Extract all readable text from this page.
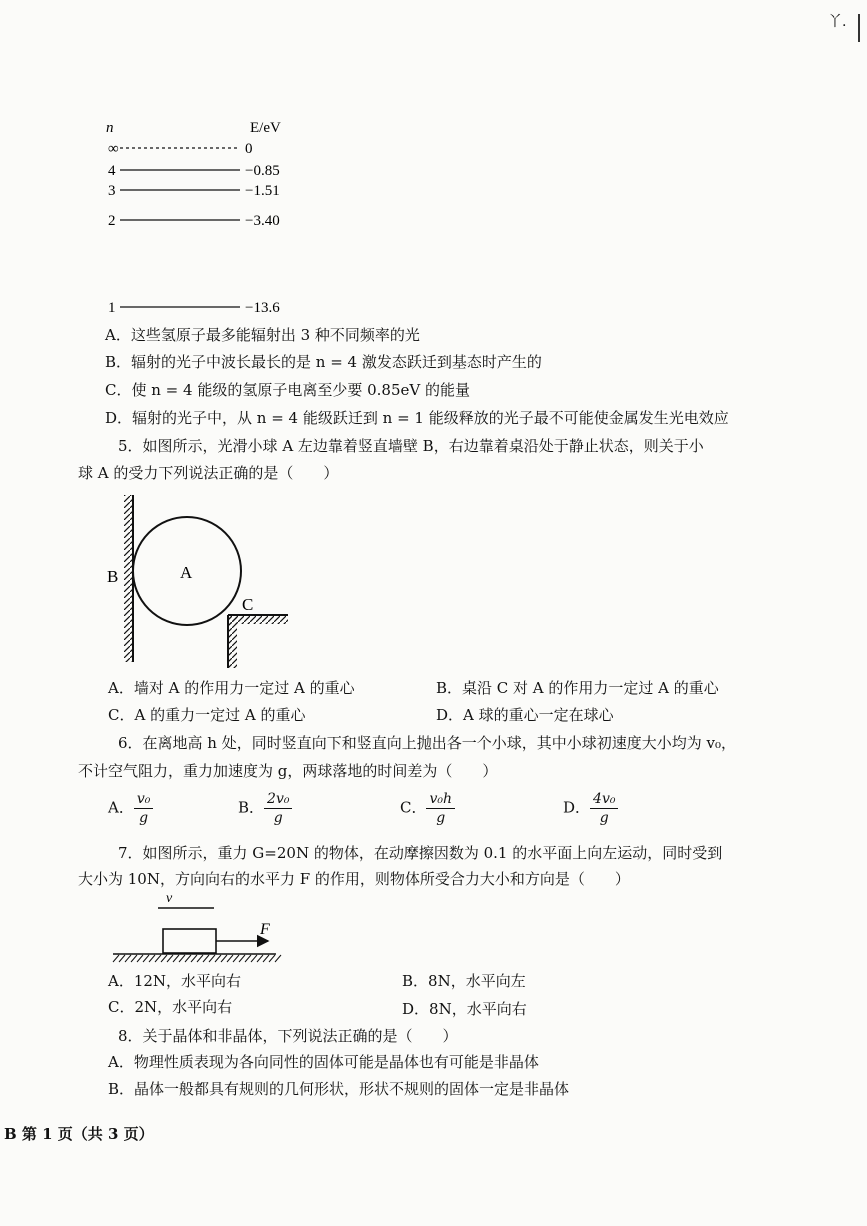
丫.
n	E/eV
∞	0
4	−0.85
3	−1.51
2	−3.40
1	−13.6
A．这些氢原子最多能辐射出 3 种不同频率的光
B．辐射的光子中波长最长的是 n = 4 激发态跃迁到基态时产生的
C．使 n = 4 能级的氢原子电离至少要 0.85eV 的能量
D．辐射的光子中，从 n = 4 能级跃迁到 n = 1 能级释放的光子最不可能使金属发生光电效应
5．如图所示，光滑小球 A 左边靠着竖直墙壁 B，右边靠着桌沿处于静止状态，则关于小
球 A 的受力下列说法正确的是（　　）
A
B
C
A．墙对 A 的作用力一定过 A 的重心	B．桌沿 C 对 A 的作用力一定过 A 的重心
C．A 的重力一定过 A 的重心	D．A 球的重心一定在球心
6．在离地高 h 处，同时竖直向下和竖直向上抛出各一个小球，其中小球初速度大小均为 v₀，
不计空气阻力，重力加速度为 g，两球落地的时间差为（　　）
A． $\frac{\text{v₀}}{g}$	B． $\frac{\text{2v₀}}{g}$	C． $\frac{\text{v₀h}}{g}$	D． $\frac{\text{4v₀}}{g}$
7．如图所示，重力 G=20N 的物体，在动摩擦因数为 0.1 的水平面上向左运动，同时受到
大小为 10N，方向向右的水平力 F 的作用，则物体所受合力大小和方向是（　　）
v
F
A．12N，水平向右	B．8N，水平向左
C．2N，水平向右	D．8N，水平向右
8．关于晶体和非晶体，下列说法正确的是（　　）
A．物理性质表现为各向同性的固体可能是晶体也有可能是非晶体
B．晶体一般都具有规则的几何形状，形状不规则的固体一定是非晶体
B 第 1 页（共 3 页）
